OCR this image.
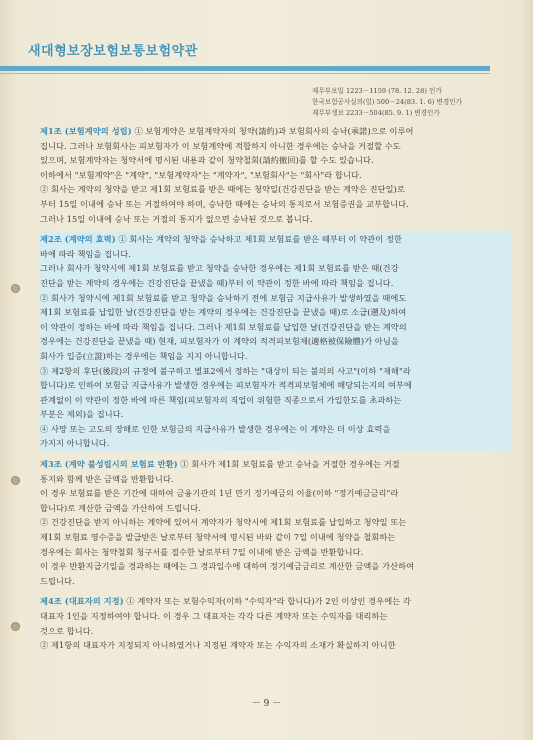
새대형보장보험보통보험약관
재무부보일 1223－1159 (78. 12. 28) 인가
한국보험공사실의(일) 500－24(83. 1. 6) 변경인가
재무부생보 2233－504(85. 9. 1) 변경인가

제1조 (보험계약의 성립) ① 보험계약은 보험계약자의 청약(請約)과 보험회사의 승낙(承諾)으로 이루어

집니다. 그러나 보험회사는 피보험자가 이 보험계약에 적합하지 아니한 경우에는 승낙을 거절할 수도

있으며, 보험계약자는 청약서에 명시된 내용과 같이 청약철회(請約撤回)를 할 수도 있습니다.

이하에서 "보험계약"은 "계약", "보험계약자"는 "계약자", "보험회사"는 "회사"라 합니다.

② 회사는 계약의 청약을 받고 제1회 보험료를 받은 때에는 청약일(건강진단을 받는 계약은 진단일)로

부터 15일 이내에 승낙 또는 거절하여야 하며, 승낙한 때에는 승낙의 통지로서 보험증권을 교부합니다.

그러나 15일 이내에 승낙 또는 거절의 통지가 없으면 승낙된 것으로 봅니다.

제2조 (계약의 효력) ① 회사는 계약의 청약을 승낙하고 제1회 보험료를 받은 때부터 이 약관이 정한

바에 따라 책임을 집니다.

그러나 회사가 청약시에 제1회 보험료를 받고 청약을 승낙한 경우에는 제1회 보험료를 받은 때(건강

진단을 받는 계약의 경우에는 건강진단을 끝냈을 때)부터 이 약관이 정한 바에 따라 책임을 집니다.

② 회사가 청약시에 제1회 보험료를 받고 청약을 승낙하기 전에 보험금 지급사유가 발생하였을 때에도

제1회 보험료를 납입한 날(건강진단을 받는 계약의 경우에는 건강진단을 끝냈을 때)로 소급(遡及)하여

이 약관이 정하는 바에 따라 책임을 집니다. 그러나 제1회 보험료를 납입한 날(건강진단을 받는 계약의

경우에는 건강진단을 끝냈을 때) 현재, 피보험자가 이 계약의 적격피보험체(適格被保險體)가 아님을

회사가 입증(立證)하는 경우에는 책임을 지지 아니합니다.

③ 제2항의 후단(後段)의 규정에 불구하고 별표2에서 정하는 "대상이 되는 불의의 사고"(이하 "재해"라

합니다)로 인하여 보험금 지급사유가 발생한 경우에는 피보험자가 적격피보험체에 해당되는지의 여부에

관계없이 이 약관이 정한 바에 따른 책임(피보험자의 직업이 위험한 직종으로서 가입한도를 초과하는

부분은 제외)을 집니다.

④ 사망 또는 고도의 장해로 인한 보험금의 지급사유가 발생한 경우에는 이 계약은 더 이상 효력을

가지지 아니합니다.

제3조 (계약 불성립시의 보험료 반환) ① 회사가 제1회 보험료를 받고 승낙을 거절한 경우에는 거절

통지와 함께 받은 금액을 반환합니다.

이 경우 보험료를 받은 기간에 대하여 금융기관의 1년 만기 정기예금의 이율(이하 "정기예금금리"라

합니다)로 계산한 금액을 가산하여 드립니다.

② 건강진단을 받지 아니하는 계약에 있어서 계약자가 청약시에 제1회 보험료를 납입하고 청약일 또는

제1회 보험료 영수증을 발급받은 날로부터 청약서에 명시된 바와 같이 7일 이내에 청약을 철회하는

경우에는 회사는 청약철회 청구서를 접수한 날로부터 7일 이내에 받은 금액을 반환합니다.

이 경우 반환지급기일을 경과하는 때에는 그 경과일수에 대하여 정기예금금리로 계산한 금액을 가산하여

드립니다.

제4조 (대표자의 지정) ① 계약자 또는 보험수익자(이하 "수익자"라 합니다)가 2인 이상인 경우에는 각

대표자 1인을 지정하여야 합니다. 이 경우 그 대표자는 각각 다른 계약자 또는 수익자를 대리하는

것으로 합니다.

② 제1항의 대표자가 지정되지 아니하였거나 지정된 계약자 또는 수익자의 소재가 확실하지 아니한

－ 9 －
